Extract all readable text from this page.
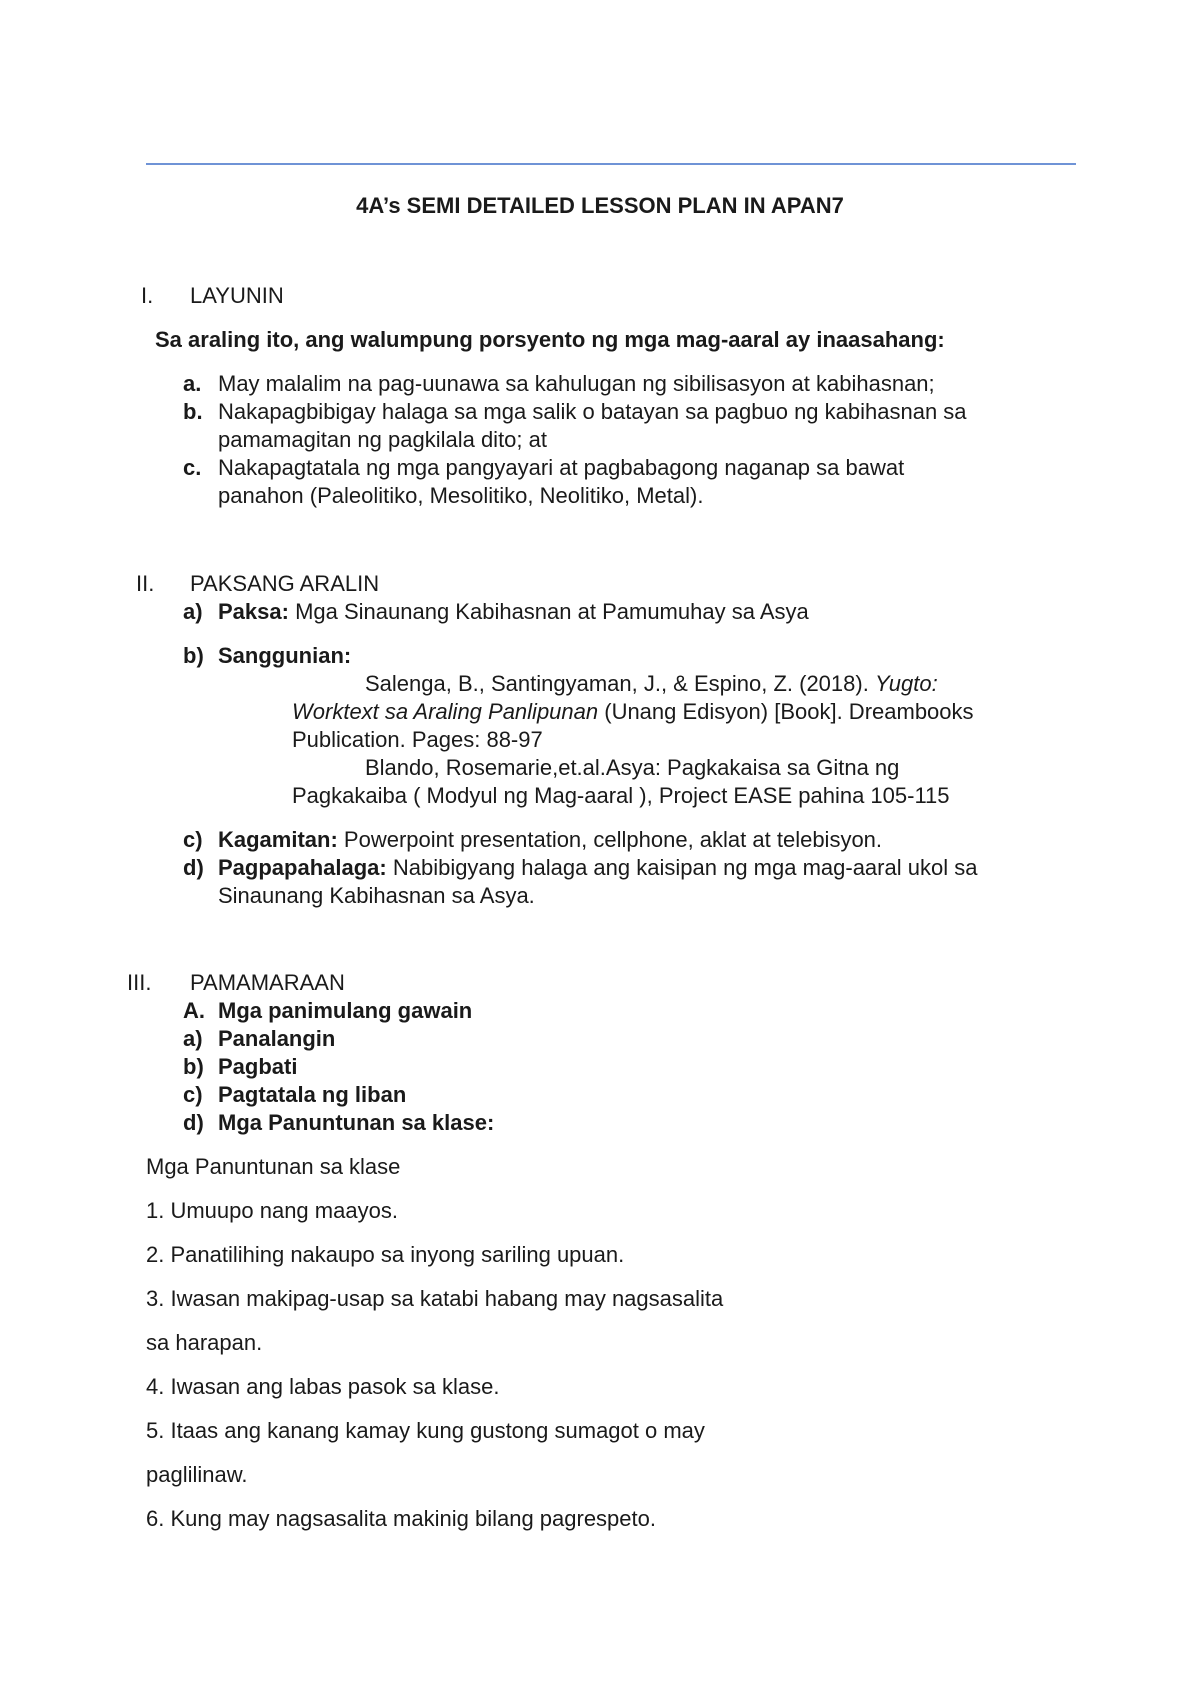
4A’s SEMI DETAILED LESSON PLAN IN APAN7
I. LAYUNIN
Sa araling ito, ang walumpung porsyento ng mga mag-aaral ay inaasahang:
a. May malalim na pag-uunawa sa kahulugan ng sibilisasyon at kabihasnan;
b. Nakapagbibigay halaga sa mga salik o batayan sa pagbuo ng kabihasnan sa
pamamagitan ng pagkilala dito; at
c. Nakapagtatala ng mga pangyayari at pagbabagong naganap sa bawat
panahon (Paleolitiko, Mesolitiko, Neolitiko, Metal).
II. PAKSANG ARALIN
a) Paksa: Mga Sinaunang Kabihasnan at Pamumuhay sa Asya
b) Sanggunian:
Salenga, B., Santingyaman, J., & Espino, Z. (2018). Yugto:
Worktext sa Araling Panlipunan (Unang Edisyon) [Book]. Dreambooks
Publication. Pages: 88-97
Blando, Rosemarie,et.al.Asya: Pagkakaisa sa Gitna ng
Pagkakaiba ( Modyul ng Mag-aaral ), Project EASE pahina 105-115
c) Kagamitan: Powerpoint presentation, cellphone, aklat at telebisyon.
d) Pagpapahalaga: Nabibigyang halaga ang kaisipan ng mga mag-aaral ukol sa
Sinaunang Kabihasnan sa Asya.
III. PAMAMARAAN
A. Mga panimulang gawain
a) Panalangin
b) Pagbati
c) Pagtatala ng liban
d) Mga Panuntunan sa klase:
Mga Panuntunan sa klase
1. Umuupo nang maayos.
2. Panatilihing nakaupo sa inyong sariling upuan.
3. Iwasan makipag-usap sa katabi habang may nagsasalita
sa harapan.
4. Iwasan ang labas pasok sa klase.
5. Itaas ang kanang kamay kung gustong sumagot o may
paglilinaw.
6. Kung may nagsasalita makinig bilang pagrespeto.
